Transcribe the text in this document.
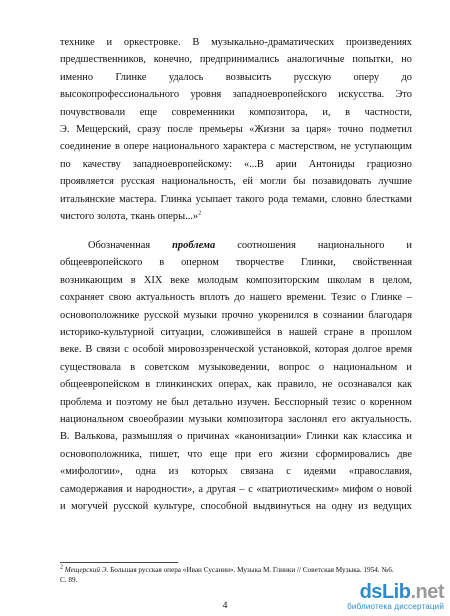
технике и оркестровке. В музыкально-драматических произведениях
предшественников, конечно, предпринимались аналогичные попытки, но
именно Глинке удалось возвысить русскую оперу до
высокопрофессионального уровня западноевропейского искусства. Это
почувствовали еще современники композитора, и, в частности,
Э. Мещерский, сразу после премьеры «Жизни за царя» точно подметил
соединение в опере национального характера с мастерством, не уступающим
по качеству западноевропейскому: «...В арии Антониды грациозно
проявляется русская национальность, ей могли бы позавидовать лучшие
итальянские мастера. Глинка усыпает такого рода темами, словно блестками
чистого золота, ткань оперы...»$^2$
Обозначенная проблема соотношения национального и
общеевропейского в оперном творчестве Глинки, свойственная
возникающим в XIX веке молодым композиторским школам в целом,
сохраняет свою актуальность вплоть до нашего времени. Тезис о Глинке –
основоположнике русской музыки прочно укоренился в сознании благодаря
историко-культурной ситуации, сложившейся в нашей стране в прошлом
веке. В связи с особой мировоззренческой установкой, которая долгое время
существовала в советском музыковедении, вопрос о национальном и
общеевропейском в глинкинских операх, как правило, не осознавался как
проблема и поэтому не был детально изучен. Бесспорный тезис о коренном
национальном своеобразии музыки композитора заслонял его актуальность.
В. Валькова, размышляя о причинах «канонизации» Глинки как классика и
основоположника, пишет, что еще при его жизни сформировались две
«мифологии», одна из которых связана с идеями «православия,
самодержавия и народности», а другая – с «патриотическим» мифом о новой
и могучей русской культуре, способной выдвинуться на одну из ведущих
$^2$ Мещерский Э. Большая русская опера «Иван Сусанин». Музыка М. Глинки // Советская Музыка. 1954. №6.
С. 89.
4
dsLib.net
библиотека диссертаций
